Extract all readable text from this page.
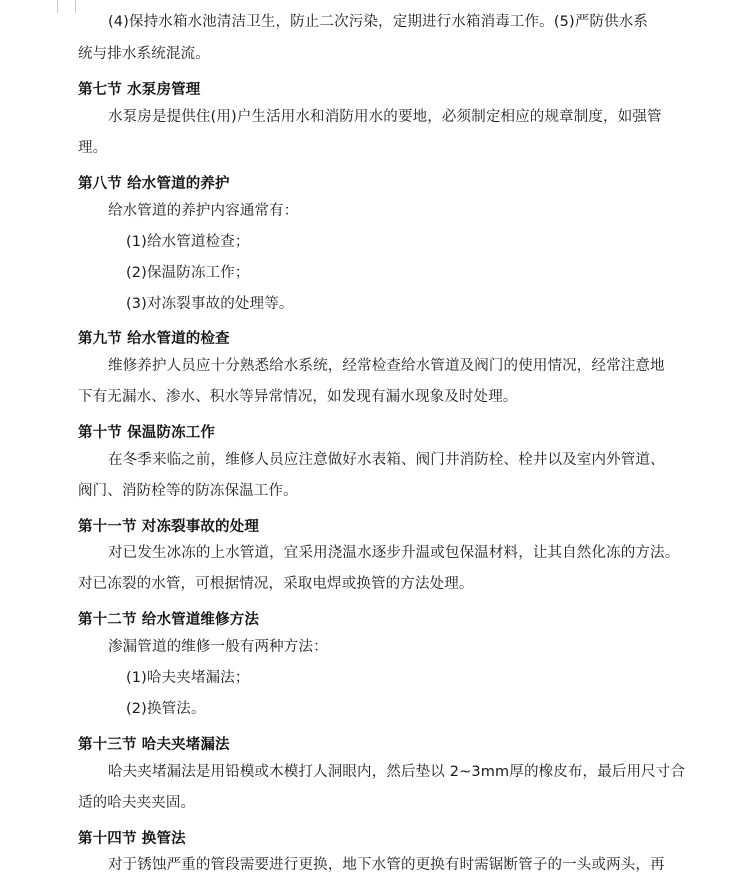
(4)保持水箱水池清洁卫生，防止二次污染，定期进行水箱消毒工作。(5)严防供水系
统与排水系统混流。
第七节 水泵房管理
水泵房是提供住(用)户生活用水和消防用水的要地，必须制定相应的规章制度，如强管
理。
第八节 给水管道的养护
给水管道的养护内容通常有：
(1)给水管道检查；
(2)保温防冻工作；
(3)对冻裂事故的处理等。
第九节 给水管道的检查
维修养护人员应十分熟悉给水系统，经常检查给水管道及阀门的使用情况，经常注意地
下有无漏水、渗水、积水等异常情况，如发现有漏水现象及时处理。
第十节 保温防冻工作
在冬季来临之前，维修人员应注意做好水表箱、阀门井消防栓、栓井以及室内外管道、
阀门、消防栓等的防冻保温工作。
第十一节 对冻裂事故的处理
对已发生冰冻的上水管道，宜采用浇温水逐步升温或包保温材料，让其自然化冻的方法。
对已冻裂的水管，可根据情况，采取电焊或换管的方法处理。
第十二节 给水管道维修方法
渗漏管道的维修一般有两种方法：
(1)哈夫夹堵漏法；
(2)换管法。
第十三节 哈夫夹堵漏法
哈夫夹堵漏法是用铅模或木模打人洞眼内，然后垫以 2~3mm厚的橡皮布，最后用尺寸合
适的哈夫夹夹固。
第十四节 换管法
对于锈蚀严重的管段需要进行更换，地下水管的更换有时需锯断管子的一头或两头，再
